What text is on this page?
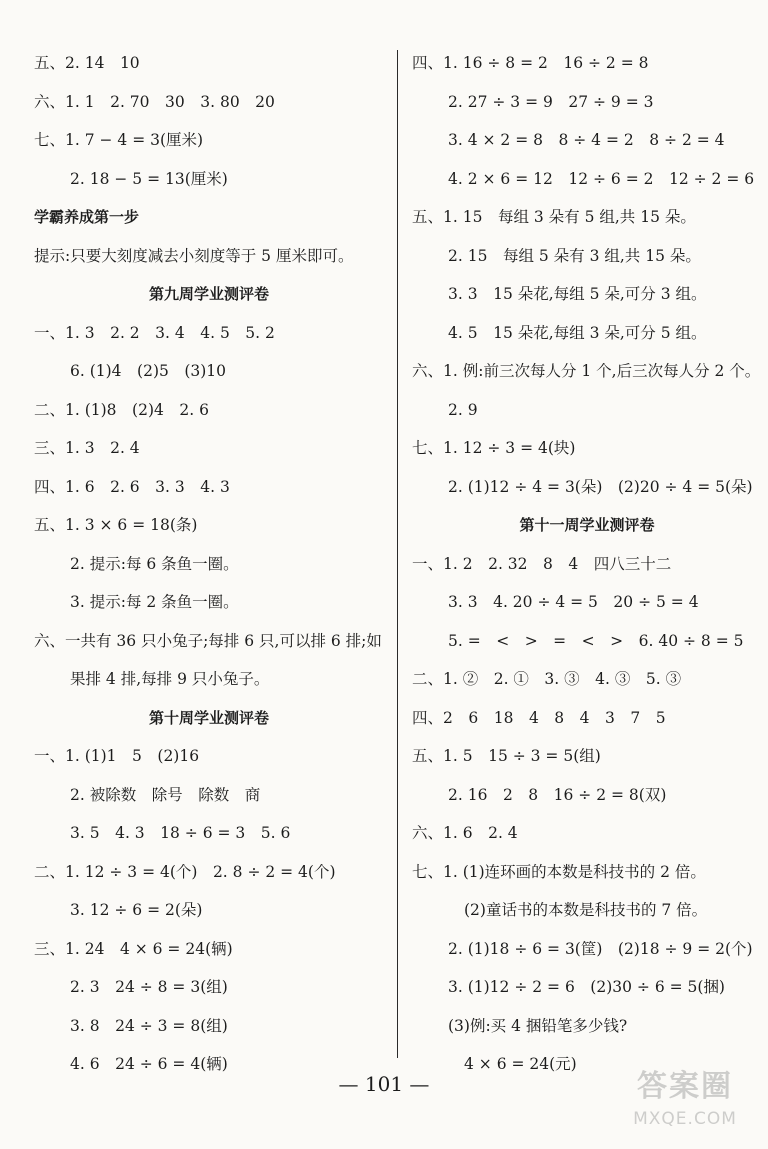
五、2. 14　10
六、1. 1　2. 70　30　3. 80　20
七、1. 7 − 4 = 3(厘米)
2. 18 − 5 = 13(厘米)
学霸养成第一步
提示:只要大刻度减去小刻度等于 5 厘米即可。
第九周学业测评卷
一、1. 3　2. 2　3. 4　4. 5　5. 2
6. (1)4　(2)5　(3)10
二、1. (1)8　(2)4　2. 6
三、1. 3　2. 4
四、1. 6　2. 6　3. 3　4. 3
五、1. 3 × 6 = 18(条)
2. 提示:每 6 条鱼一圈。
3. 提示:每 2 条鱼一圈。
六、一共有 36 只小兔子;每排 6 只,可以排 6 排;如
果排 4 排,每排 9 只小兔子。
第十周学业测评卷
一、1. (1)1　5　(2)16
2. 被除数　除号　除数　商
3. 5　4. 3　18 ÷ 6 = 3　5. 6
二、1. 12 ÷ 3 = 4(个)　2. 8 ÷ 2 = 4(个)
3. 12 ÷ 6 = 2(朵)
三、1. 24　4 × 6 = 24(辆)
2. 3　24 ÷ 8 = 3(组)
3. 8　24 ÷ 3 = 8(组)
4. 6　24 ÷ 6 = 4(辆)
四、1. 16 ÷ 8 = 2　16 ÷ 2 = 8
2. 27 ÷ 3 = 9　27 ÷ 9 = 3
3. 4 × 2 = 8　8 ÷ 4 = 2　8 ÷ 2 = 4
4. 2 × 6 = 12　12 ÷ 6 = 2　12 ÷ 2 = 6
五、1. 15　每组 3 朵有 5 组,共 15 朵。
2. 15　每组 5 朵有 3 组,共 15 朵。
3. 3　15 朵花,每组 5 朵,可分 3 组。
4. 5　15 朵花,每组 3 朵,可分 5 组。
六、1. 例:前三次每人分 1 个,后三次每人分 2 个。
2. 9
七、1. 12 ÷ 3 = 4(块)
2. (1)12 ÷ 4 = 3(朵)　(2)20 ÷ 4 = 5(朵)
第十一周学业测评卷
一、1. 2　2. 32　8　4　四八三十二
3. 3　4. 20 ÷ 4 = 5　20 ÷ 5 = 4
5. =　<　>　=　<　>　6. 40 ÷ 8 = 5
二、1. ②　2. ①　3. ③　4. ③　5. ③
四、2　6　18　4　8　4　3　7　5
五、1. 5　15 ÷ 3 = 5(组)
2. 16　2　8　16 ÷ 2 = 8(双)
六、1. 6　2. 4
七、1. (1)连环画的本数是科技书的 2 倍。
(2)童话书的本数是科技书的 7 倍。
2. (1)18 ÷ 6 = 3(筐)　(2)18 ÷ 9 = 2(个)
3. (1)12 ÷ 2 = 6　(2)30 ÷ 6 = 5(捆)
(3)例:买 4 捆铅笔多少钱?
4 × 6 = 24(元)
— 101 —	答案圈
MXQE.COM
